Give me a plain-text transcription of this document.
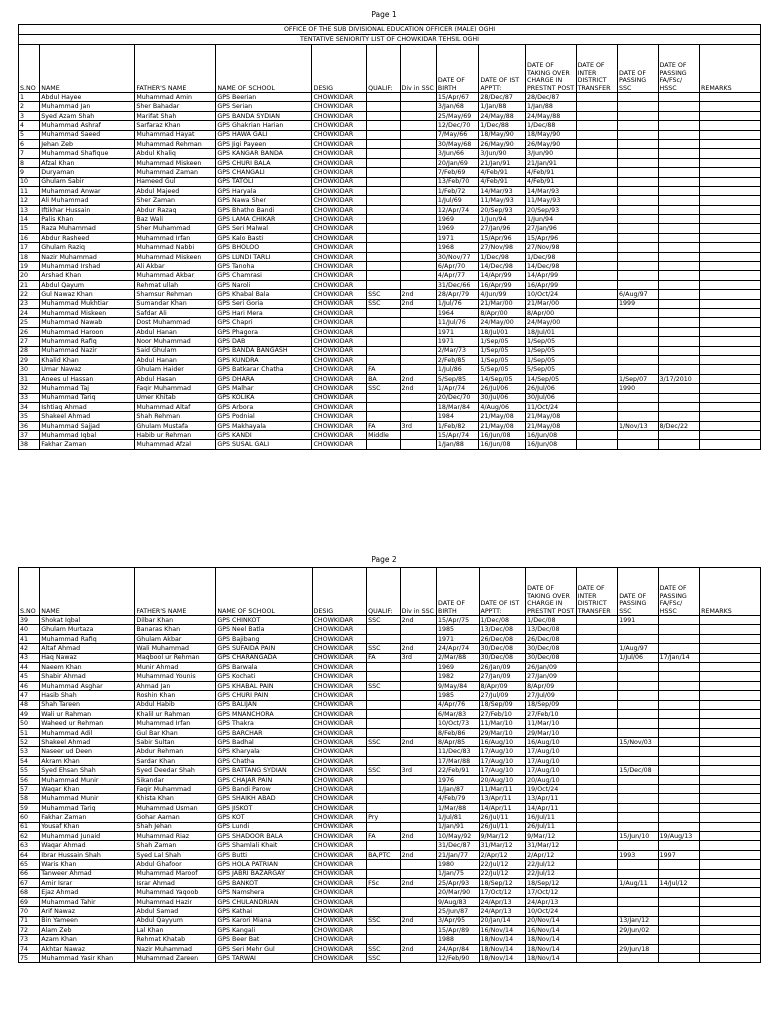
Page 1
OFFICE OF THE SUB DIVISIONAL EDUCATION OFFICER (MALE) OGHI													
TENTATIVE SENIORITY LIST OF CHOWKIDAR TEHSIL OGHI													
S.NO	NAME	FATHER'S NAME	NAME OF SCHOOL	DESIG	QUALIF:	Div in SSC	DATE OF BIRTH	DATE OF IST APPTT:	DATE OF TAKING OVER CHARGE IN PRESTNT POST	DATE OF INTER DISTRICT TRANSFER	DATE OF PASSING SSC	DATE OF PASSING FA/FSc/ HSSC	REMARKS
1	Abdul Hayee	Muhammad Amin	GPS Beerian	CHOWKIDAR			15/Apr/67	28/Dec/87	28/Dec/87				
2	Muhammad Jan	Sher Bahadar	GPS Serian	CHOWKIDAR			3/Jan/68	1/Jan/88	1/Jan/88				
3	Syed Azam Shah	Marifat Shah	GPS BANDA SYDIAN	CHOWKIDAR			25/May/69	24/May/88	24/May/88				
4	Muhammad Ashraf	Sarfaraz Khan	GPS Ghakrian Harian	CHOWKIDAR			12/Dec/70	1/Dec/88	1/Dec/88				
5	Muhammad Saeed	Muhammad Hayat	GPS HAWA GALI	CHOWKIDAR			7/May/66	18/May/90	18/May/90				
6	Jehan Zeb	Muhammad Rehman	GPS Jigi Payeen	CHOWKIDAR			30/May/68	26/May/90	26/May/90				
7	Muhammad Shafique	Abdul Khaliq	GPS KANGAR BANDA	CHOWKIDAR			3/Jun/66	3/Jun/90	3/Jun/90				
8	Afzal Khan	Muhammad Miskeen	GPS CHURI BALA	CHOWKIDAR			20/Jan/69	21/Jan/91	21/Jan/91				
9	Duryaman	Muhammad Zaman	GPS CHANGALI	CHOWKIDAR			7/Feb/69	4/Feb/91	4/Feb/91				
10	Ghulam Sabir	Hameed Gul	GPS TATOLI	CHOWKIDAR			13/Feb/70	4/Feb/91	4/Feb/91				
11	Muhammad Anwar	Abdul Majeed	GPS Haryala	CHOWKIDAR			1/Feb/72	14/Mar/93	14/Mar/93				
12	Ali Muhammad	Sher Zaman	GPS Nawa Sher	CHOWKIDAR			1/Jul/69	11/May/93	11/May/93				
13	Iftikhar Hussain	Abdur Razaq	GPS Bhatho Bandi	CHOWKIDAR			12/Apr/74	20/Sep/93	20/Sep/93				
14	Palis Khan	Baz Wali	GPS LAMA CHIKAR	CHOWKIDAR			1969	1/Jun/94	1/Jun/94				
15	Raza Muhammad	Sher Muhammad	GPS Seri Malwal	CHOWKIDAR			1969	27/Jan/96	27/Jan/96				
16	Abdur Rasheed	Muhammad Irfan	GPS Kalo Basti	CHOWKIDAR			1971	15/Apr/96	15/Apr/96				
17	Ghulam Raziq	Muhammad Nabbi	GPS BHOLOO	CHOWKIDAR			1968	27/Nov/98	27/Nov/98				
18	Nazir Muhammad	Muhammad Miskeen	GPS LUNDI TARLI	CHOWKIDAR			30/Nov/77	1/Dec/98	1/Dec/98				
19	Muhammad Irshad	Ali Akbar	GPS Tanoha	CHOWKIDAR			6/Apr/70	14/Dec/98	14/Dec/98				
20	Arshad Khan	Muhammad Akbar	GPS Chamrasi	CHOWKIDAR			4/Apr/77	14/Apr/99	14/Apr/99				
21	Abdul Qayum	Rehmat ullah	GPS Naroli	CHOWKIDAR			31/Dec/66	16/Apr/99	16/Apr/99				
22	Gul Nawaz Khan	Shamsur Rehman	GPS Khabal Bala	CHOWKIDAR	SSC	2nd	28/Apr/79	4/Jun/99	10/Oct/24		6/Aug/97		
23	Muhammad Mukhtiar	Sumandar Khan	GPS Seri Goria	CHOWKIDAR	SSC	2nd	1/Jul/76	21/Mar/00	21/Mar/00		1999		
24	Muhammad Miskeen	Safdar Ali	GPS Hari Mera	CHOWKIDAR			1964	8/Apr/00	8/Apr/00				
25	Muhammad Nawab	Dost Muhammad	GPS Chapri	CHOWKIDAR			11/Jul/76	24/May/00	24/May/00				
26	Muhammad Haroon	Abdul Hanan	GPS Phagora	CHOWKIDAR			1971	18/Jul/01	18/Jul/01				
27	Muhammad Rafiq	Noor Muhammad	GPS DAB	CHOWKIDAR			1971	1/Sep/05	1/Sep/05				
28	Muhammad Nazir	Said Ghulam	GPS BANDA BANGASH	CHOWKIDAR			2/Mar/73	1/Sep/05	1/Sep/05				
29	Khalid Khan	Abdul Hanan	GPS KUNDRA	CHOWKIDAR			2/Feb/85	1/Sep/05	1/Sep/05				
30	Umar Nawaz	Ghulam Haider	GPS Batkarar Chatha	CHOWKIDAR	FA		1/Jul/86	5/Sep/05	5/Sep/05				
31	Anees ul Hassan	Abdul Hasan	GPS DHARA	CHOWKIDAR	BA	2nd	5/Sep/85	14/Sep/05	14/Sep/05		1/Sep/07	3/17/2010	
32	Muhammad Taj	Faqir Muhammad	GPS Malhar	CHOWKIDAR	SSC	2nd	1/Apr/74	26/Jul/06	26/Jul/06		1990		
33	Muhammad Tariq	Umer Khitab	GPS KOLIKA	CHOWKIDAR			20/Dec/70	30/Jul/06	30/Jul/06				
34	Ishtiaq Ahmad	Muhammad Altaf	GPS Arbora	CHOWKIDAR			18/Mar/84	4/Aug/06	11/Oct/24				
35	Shakeel Ahmad	Shah Rehman	GPS Podnial	CHOWKIDAR			1984	21/May/08	21/May/08				
36	Muhammad Sajjad	Ghulam Mustafa	GPS Makhayala	CHOWKIDAR	FA	3rd	1/Feb/82	21/May/08	21/May/08		1/Nov/13	8/Dec/22	
37	Muhammad Iqbal	Habib ur Rehman	GPS KANDI	CHOWKIDAR	Middle		15/Apr/74	16/Jun/08	16/Jun/08				
38	Fakhar Zaman	Muhammad Afzal	GPS SUSAL GALI	CHOWKIDAR			1/Jan/88	16/Jun/08	16/Jun/08				
Page 2
S.NO	NAME	FATHER'S NAME	NAME OF SCHOOL	DESIG	QUALIF:	Div in SSC	DATE OF BIRTH	DATE OF IST APPTT:	DATE OF TAKING OVER CHARGE IN PRESTNT POST	DATE OF INTER DISTRICT TRANSFER	DATE OF PASSING SSC	DATE OF PASSING FA/FSc/ HSSC	REMARKS
39	Shokat Iqbal	Dilbar Khan	GPS CHINKOT	CHOWKIDAR	SSC	2nd	15/Apr/75	1/Dec/08	1/Dec/08		1991		
40	Ghulam Murtaza	Banaras Khan	GPS Neel Batla	CHOWKIDAR			1985	13/Dec/08	13/Dec/08				
41	Muhammad Rafiq	Ghulam Akbar	GPS Bajibang	CHOWKIDAR			1971	26/Dec/08	26/Dec/08				
42	Altaf Ahmad	Wali Muhammad	GPS SUFAIDA PAIN	CHOWKIDAR	SSC	2nd	24/Apr/74	30/Dec/08	30/Dec/08		1/Aug/97		
43	Haq Nawaz	Maqbool ur Rehman	GPS CHARANGADA	CHOWKIDAR	FA	3rd	2/Mar/88	30/Dec/08	30/Dec/08		1/Jul/06	17/Jan/14	
44	Naeem Khan	Munir Ahmad	GPS Barwala	CHOWKIDAR			1969	26/Jan/09	26/Jan/09				
45	Shabir Ahmad	Muhammad Younis	GPS Kochati	CHOWKIDAR			1982	27/Jan/09	27/Jan/09				
46	Muhammad Asghar	Ahmad Jan	GPS KHABAL PAIN	CHOWKIDAR	SSC		9/May/84	8/Apr/09	8/Apr/09				
47	Hasib Shah	Roshin Khan	GPS CHURI PAIN	CHOWKIDAR			1985	27/Jul/09	27/Jul/09				
48	Shah Tareen	Abdul Habib	GPS BALIJAN	CHOWKIDAR			4/Apr/76	18/Sep/09	18/Sep/09				
49	Wali ur Rahman	Khalil ur Rahman	GPS MNANCHORA	CHOWKIDAR			6/Mar/83	27/Feb/10	27/Feb/10				
50	Waheed ur Rehman	Muhammad Irfan	GPS Thakra	CHOWKIDAR			10/Oct/73	11/Mar/10	11/Mar/10				
51	Muhammad Adil	Gul Bar Khan	GPS BARCHAR	CHOWKIDAR			8/Feb/86	29/Mar/10	29/Mar/10				
52	Shakeel Ahmad	Sabir Sultan	GPS Badhal	CHOWKIDAR	SSC	2nd	8/Apr/85	16/Aug/10	16/Aug/10		15/Nov/03		
53	Naseer ud Deen	Abdur Rehman	GPS Kharyala	CHOWKIDAR			11/Dec/83	17/Aug/10	17/Aug/10				
54	Akram Khan	Sardar Khan	GPS Chatha	CHOWKIDAR			17/Mar/88	17/Aug/10	17/Aug/10				
55	Syed Ehsan Shah	Syed Deedar Shah	GPS BATTANG SYDIAN	CHOWKIDAR	SSC	3rd	22/Feb/91	17/Aug/10	17/Aug/10		15/Dec/08		
56	Muhammad Munir	Sikandar	GPS CHAJAR PAIN	CHOWKIDAR			1976	20/Aug/10	20/Aug/10				
57	Waqar Khan	Faqir Muhammad	GPS Bandi Parow	CHOWKIDAR			1/Jan/87	11/Mar/11	19/Oct/24				
58	Muhammad Munir	Khista Khan	GPS SHAIKH ABAD	CHOWKIDAR			4/Feb/79	13/Apr/11	13/Apr/11				
59	Muhammad Tariq	Muhammad Usman	GPS JISKOT	CHOWKIDAR			1/Mar/88	14/Apr/11	14/Apr/11				
60	Fakhar Zaman	Gohar Aaman	GPS KOT	CHOWKIDAR	Pry		1/Jul/81	26/Jul/11	16/Jul/11				
61	Yousaf Khan	Shah Jehan	GPS Lundi	CHOWKIDAR			1/Jan/91	26/Jul/11	26/Jul/11				
62	Muhammad Junaid	Muhammad Riaz	GPS SHADOOR BALA	CHOWKIDAR	FA	2nd	10/May/92	9/Mar/12	9/Mar/12		15/Jun/10	19/Aug/13	
63	Waqar Ahmad	Shah Zaman	GPS Shamlali Khait	CHOWKIDAR			31/Dec/87	31/Mar/12	31/Mar/12				
64	Ibrar Hussain Shah	Syed Lal Shah	GPS Butti	CHOWKIDAR	BA,PTC	2nd	21/Jan/77	2/Apr/12	2/Apr/12		1993	1997	
65	Waris Khan	Abdul Ghafoor	GPS HOLA PATRIAN	CHOWKIDAR			1980	22/Jul/12	22/Jul/12				
66	Tanweer Ahmad	Muhammad Maroof	GPS JABRI BAZARGAY	CHOWKIDAR			1/Jan/75	22/Jul/12	22/Jul/12				
67	Amir Israr	Israr Ahmad	GPS BANKOT	CHOWKIDAR	FSc	2nd	25/Apr/93	18/Sep/12	18/Sep/12		1/Aug/11	14/Jul/12	
68	Ejaz Ahmad	Muhammad Yaqoob	GPS Namshera	CHOWKIDAR			20/Mar/90	17/Oct/12	17/Oct/12				
69	Muhammad Tahir	Muhammad Hazir	GPS CHULANDRIAN	CHOWKIDAR			9/Aug/83	24/Apr/13	24/Apr/13				
70	Arif Nawaz	Abdul Samad	GPS Kathai	CHOWKIDAR			25/Jun/87	24/Apr/13	10/Oct/24				
71	Bin Yameen	Abdul Qayyum	GPS Karori Miana	CHOWKIDAR	SSC	2nd	3/Apr/95	20/Jan/14	20/Nov/14		13/Jan/12		
72	Alam Zeb	Lal Khan	GPS Kangali	CHOWKIDAR			15/Apr/89	16/Nov/14	16/Nov/14		29/Jun/02		
73	Azam Khan	Rehmat Khatab	GPS Beer Bat	CHOWKIDAR			1988	18/Nov/14	18/Nov/14				
74	Akhtar Nawaz	Nazir Muhammad	GPS Seri Mehr Gul	CHOWKIDAR	SSC	2nd	24/Apr/84	18/Nov/14	18/Nov/14		29/Jun/18		
75	Muhammad Yasir Khan	Muhammad Zareen	GPS TARWAI	CHOWKIDAR	SSC		12/Feb/90	18/Nov/14	18/Nov/14				
